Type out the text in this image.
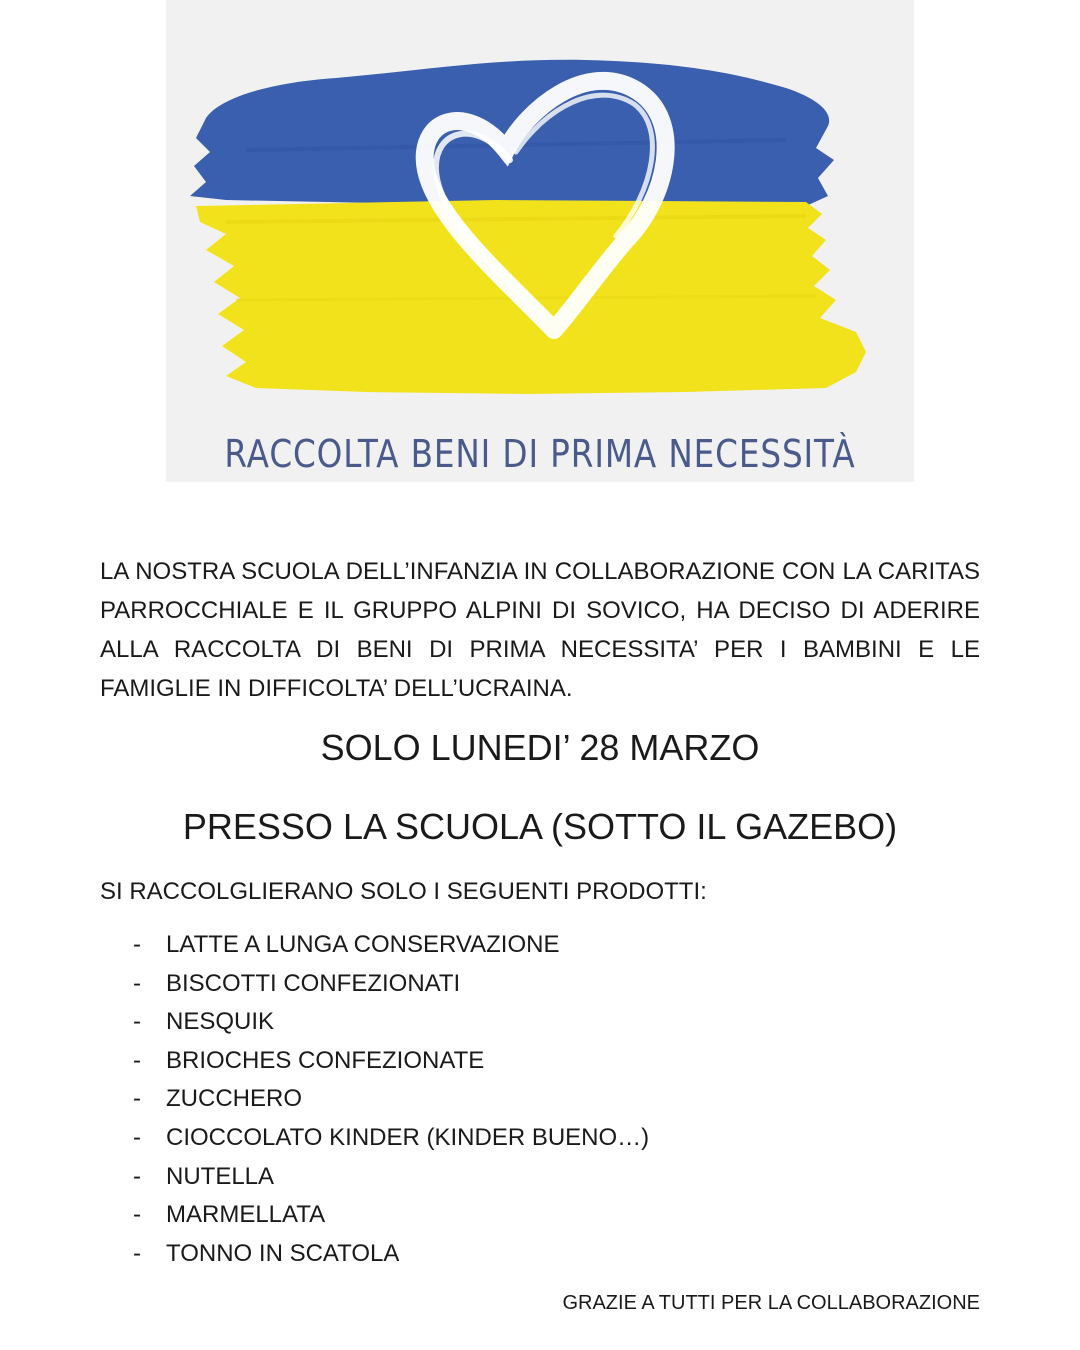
RACCOLTA BENI DI PRIMA NECESSITÀ
LA NOSTRA SCUOLA DELL’INFANZIA IN COLLABORAZIONE CON LA CARITAS PARROCCHIALE E IL GRUPPO ALPINI DI SOVICO, HA DECISO DI ADERIRE ALLA RACCOLTA DI BENI DI PRIMA NECESSITA’ PER I BAMBINI E LE FAMIGLIE IN DIFFICOLTA’ DELL’UCRAINA.
SOLO LUNEDI’ 28 MARZO
PRESSO LA SCUOLA (SOTTO IL GAZEBO)
SI RACCOLGLIERANO SOLO I SEGUENTI PRODOTTI:
- LATTE A LUNGA CONSERVAZIONE
- BISCOTTI CONFEZIONATI
- NESQUIK
- BRIOCHES CONFEZIONATE
- ZUCCHERO
- CIOCCOLATO KINDER (KINDER BUENO…)
- NUTELLA
- MARMELLATA
- TONNO IN SCATOLA
GRAZIE A TUTTI PER LA COLLABORAZIONE
